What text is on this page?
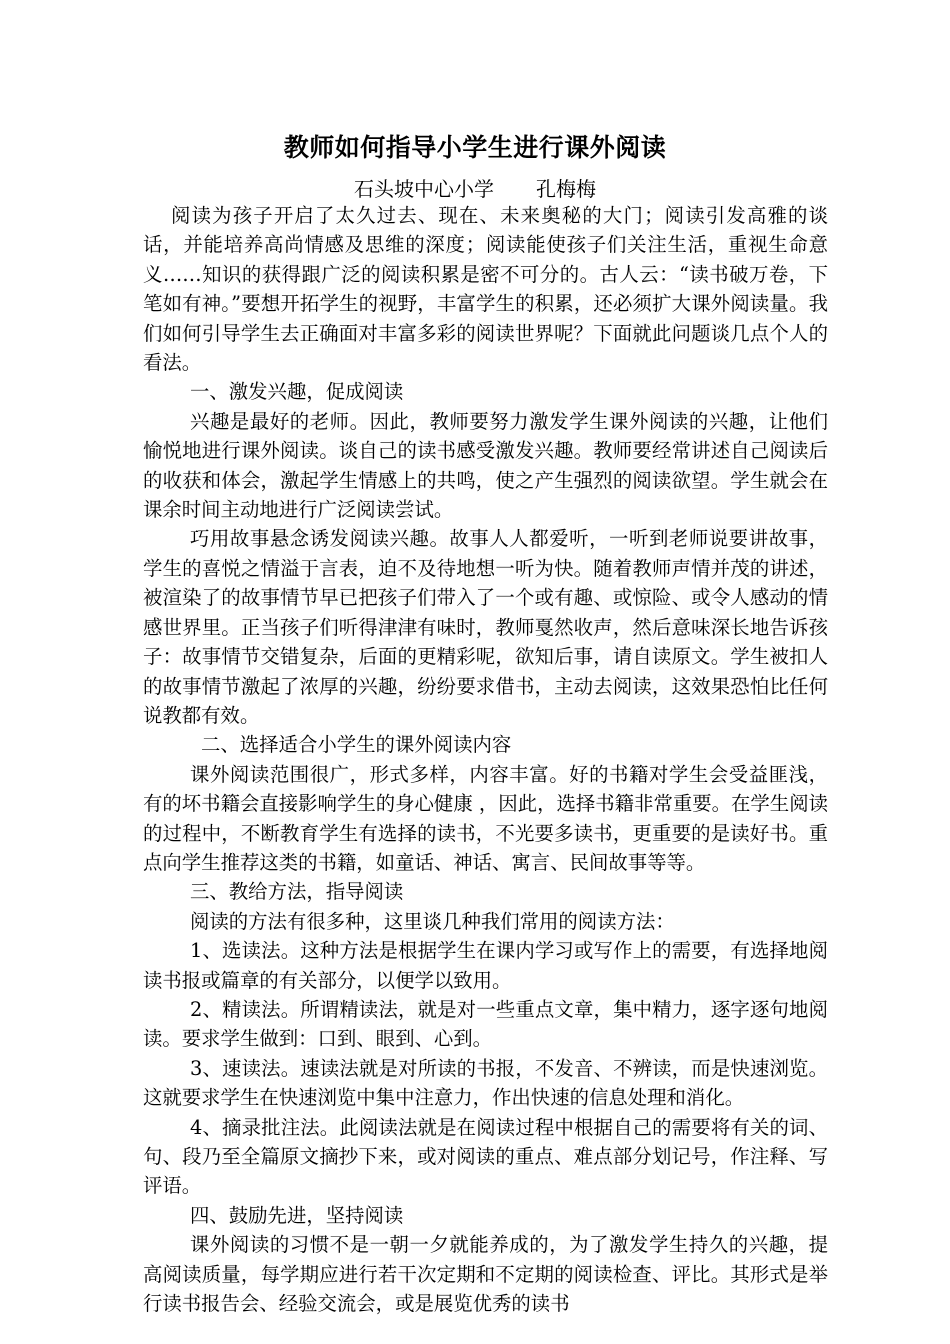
教师如何指导小学生进行课外阅读
石头坡中心小学 孔梅梅

阅读为孩子开启了太久过去、现在、未来奥秘的大门；阅读引发高雅的谈话，并能培养高尚情感及思维的深度；阅读能使孩子们关注生活，重视生命意义……知识的获得跟广泛的阅读积累是密不可分的。古人云：“读书破万卷，下笔如有神。”要想开拓学生的视野，丰富学生的积累，还必须扩大课外阅读量。我们如何引导学生去正确面对丰富多彩的阅读世界呢？下面就此问题谈几点个人的看法。

一、激发兴趣，促成阅读

兴趣是最好的老师。因此，教师要努力激发学生课外阅读的兴趣，让他们愉悦地进行课外阅读。谈自己的读书感受激发兴趣。教师要经常讲述自己阅读后的收获和体会，激起学生情感上的共鸣，使之产生强烈的阅读欲望。学生就会在课余时间主动地进行广泛阅读尝试。

巧用故事悬念诱发阅读兴趣。故事人人都爱听，一听到老师说要讲故事，学生的喜悦之情溢于言表，迫不及待地想一听为快。随着教师声情并茂的讲述，被渲染了的故事情节早已把孩子们带入了一个或有趣、或惊险、或令人感动的情感世界里。正当孩子们听得津津有味时，教师戛然收声，然后意味深长地告诉孩子：故事情节交错复杂，后面的更精彩呢，欲知后事，请自读原文。学生被扣人的故事情节激起了浓厚的兴趣，纷纷要求借书，主动去阅读，这效果恐怕比任何说教都有效。

二、选择适合小学生的课外阅读内容

课外阅读范围很广，形式多样，内容丰富。好的书籍对学生会受益匪浅，有的坏书籍会直接影响学生的身心健康 ，因此，选择书籍非常重要。在学生阅读的过程中，不断教育学生有选择的读书，不光要多读书，更重要的是读好书。重点向学生推荐这类的书籍，如童话、神话、寓言、民间故事等等。

三、教给方法，指导阅读

阅读的方法有很多种，这里谈几种我们常用的阅读方法：

1、选读法。这种方法是根据学生在课内学习或写作上的需要，有选择地阅读书报或篇章的有关部分，以便学以致用。

2、精读法。所谓精读法，就是对一些重点文章，集中精力，逐字逐句地阅读。要求学生做到：口到、眼到、心到。

3、速读法。速读法就是对所读的书报，不发音、不辨读，而是快速浏览。这就要求学生在快速浏览中集中注意力，作出快速的信息处理和消化。

4、摘录批注法。此阅读法就是在阅读过程中根据自己的需要将有关的词、句、段乃至全篇原文摘抄下来，或对阅读的重点、难点部分划记号，作注释、写评语。

四、鼓励先进，坚持阅读

课外阅读的习惯不是一朝一夕就能养成的，为了激发学生持久的兴趣，提高阅读质量，每学期应进行若干次定期和不定期的阅读检查、评比。其形式是举行读书报告会、经验交流会，或是展览优秀的读书
